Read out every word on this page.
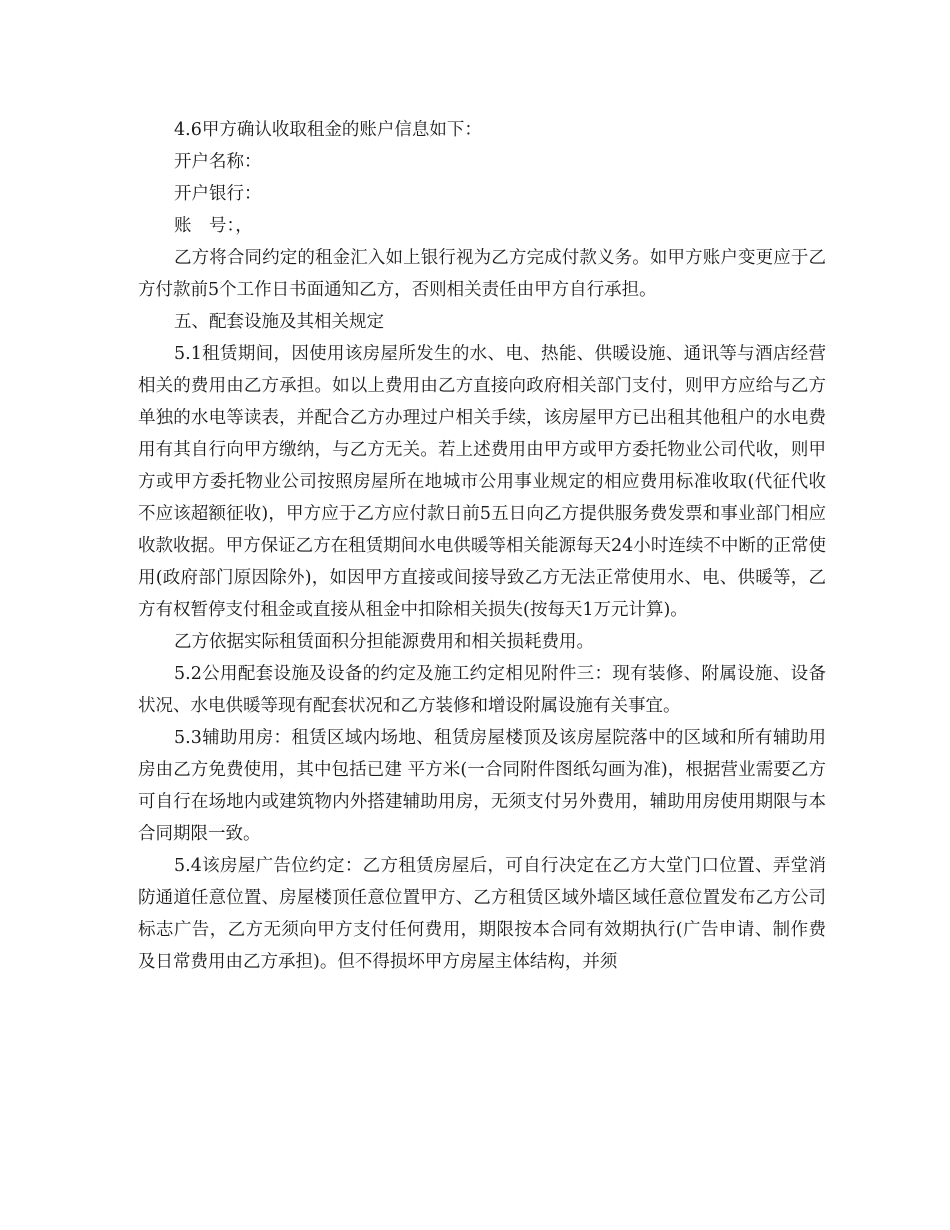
4.6甲方确认收取租金的账户信息如下：

开户名称：

开户银行：

账　号：，

乙方将合同约定的租金汇入如上银行视为乙方完成付款义务。如甲方账户变更应于乙方付款前5个工作日书面通知乙方，否则相关责任由甲方自行承担。

五、配套设施及其相关规定

5.1租赁期间，因使用该房屋所发生的水、电、热能、供暖设施、通讯等与酒店经营相关的费用由乙方承担。如以上费用由乙方直接向政府相关部门支付，则甲方应给与乙方单独的水电等读表，并配合乙方办理过户相关手续，该房屋甲方已出租其他租户的水电费用有其自行向甲方缴纳，与乙方无关。若上述费用由甲方或甲方委托物业公司代收，则甲方或甲方委托物业公司按照房屋所在地城市公用事业规定的相应费用标准收取(代征代收不应该超额征收)，甲方应于乙方应付款日前5五日向乙方提供服务费发票和事业部门相应收款收据。甲方保证乙方在租赁期间水电供暖等相关能源每天24小时连续不中断的正常使用(政府部门原因除外)，如因甲方直接或间接导致乙方无法正常使用水、电、供暖等，乙方有权暂停支付租金或直接从租金中扣除相关损失(按每天1万元计算)。

乙方依据实际租赁面积分担能源费用和相关损耗费用。

5.2公用配套设施及设备的约定及施工约定相见附件三：现有装修、附属设施、设备状况、水电供暖等现有配套状况和乙方装修和增设附属设施有关事宜。

5.3辅助用房：租赁区域内场地、租赁房屋楼顶及该房屋院落中的区域和所有辅助用房由乙方免费使用，其中包括已建 平方米(一合同附件图纸勾画为准)，根据营业需要乙方可自行在场地内或建筑物内外搭建辅助用房，无须支付另外费用，辅助用房使用期限与本合同期限一致。

5.4该房屋广告位约定：乙方租赁房屋后，可自行决定在乙方大堂门口位置、弄堂消防通道任意位置、房屋楼顶任意位置甲方、乙方租赁区域外墙区域任意位置发布乙方公司标志广告，乙方无须向甲方支付任何费用，期限按本合同有效期执行(广告申请、制作费及日常费用由乙方承担)。但不得损坏甲方房屋主体结构，并须
